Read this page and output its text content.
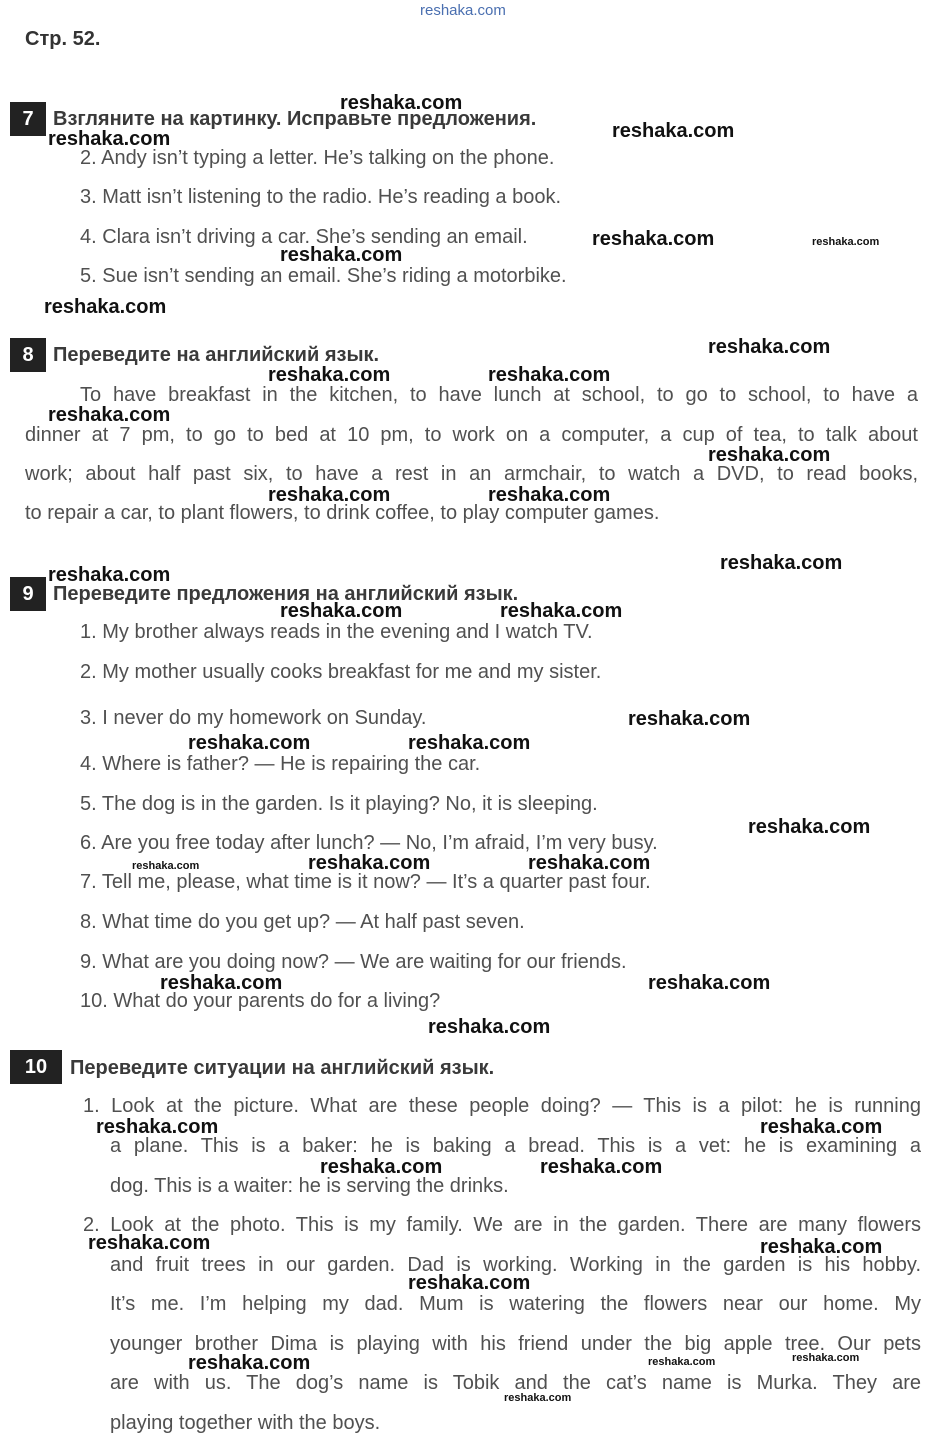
reshaka.com
Стр. 52.
7 Взгляните на картинку. Исправьте предложения.
2. Andy isn’t typing a letter. He’s talking on the phone.
3. Matt isn’t listening to the radio. He’s reading a book.
4. Clara isn’t driving a car. She’s sending an email.
5. Sue isn’t sending an email. She’s riding a motorbike.
8 Переведите на английский язык.
To have breakfast in the kitchen, to have lunch at school, to go to school, to have a
dinner at 7 pm, to go to bed at 10 pm, to work on a computer, a cup of tea, to talk about
work; about half past six, to have a rest in an armchair, to watch a DVD, to read books,
to repair a car, to plant flowers, to drink coffee, to play computer games.
9 Переведите предложения на английский язык.
1. My brother always reads in the evening and I watch TV.
2. My mother usually cooks breakfast for me and my sister.
3. I never do my homework on Sunday.
4. Where is father? — He is repairing the car.
5. The dog is in the garden. Is it playing? No, it is sleeping.
6. Are you free today after lunch? — No, I’m afraid, I’m very busy.
7. Tell me, please, what time is it now? — It’s a quarter past four.
8. What time do you get up? — At half past seven.
9. What are you doing now? — We are waiting for our friends.
10. What do your parents do for a living?
10	Переведите ситуации на английский язык.
1. Look at the picture. What are these people doing? — This is a pilot: he is running
a plane. This is a baker: he is baking a bread. This is a vet: he is examining a
dog. This is a waiter: he is serving the drinks.
2. Look at the photo. This is my family. We are in the garden. There are many flowers
and fruit trees in our garden. Dad is working. Working in the garden is his hobby.
It’s me. I’m helping my dad. Mum is watering the flowers near our home. My
younger brother Dima is playing with his friend under the big apple tree. Our pets
are with us. The dog’s name is Tobik and the cat’s name is Murka. They are
playing together with the boys.
reshaka.com
reshaka.com	reshaka.com
reshaka.com
reshaka.com
reshaka.com
reshaka.com
reshaka.com	reshaka.com
reshaka.com
reshaka.com
reshaka.com	reshaka.com
reshaka.com
reshaka.com
reshaka.com	reshaka.com
reshaka.com
reshaka.com	reshaka.com
reshaka.com
reshaka.com	reshaka.com
reshaka.com	reshaka.com
reshaka.com
reshaka.com	reshaka.com
reshaka.com	reshaka.com
reshaka.com	reshaka.com
reshaka.com
reshaka.com
reshaka.com
reshaka.com
reshaka.com	reshaka.com
reshaka.com
